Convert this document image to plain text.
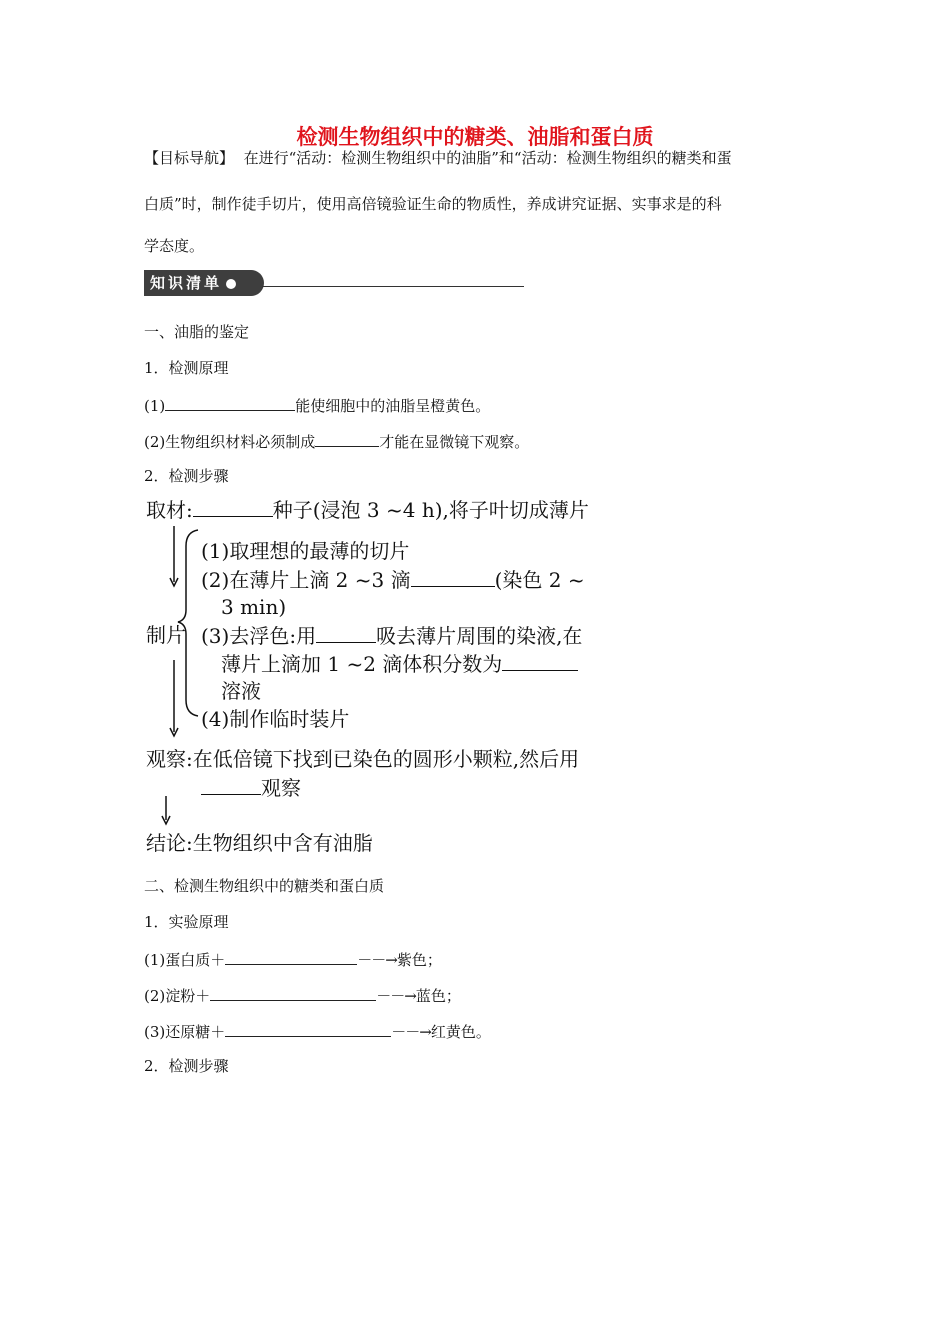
检测生物组织中的糖类、油脂和蛋白质
【目标导航】 在进行“活动：检测生物组织中的油脂”和“活动：检测生物组织的糖类和蛋
白质”时，制作徒手切片，使用高倍镜验证生命的物质性，养成讲究证据、实事求是的科
学态度。
知识清单
一、油脂的鉴定
1．检测原理
(1)	能使细胞中的油脂呈橙黄色。
(2)生物组织材料必须制成	才能在显微镜下观察。
2．检测步骤
取材:	种子(浸泡 3 ~4 h),将子叶切成薄片
(1)取理想的最薄的切片
(2)在薄片上滴 2 ~3 滴	(染色 2 ~
3 min)
制片 (3)去浮色:用	吸去薄片周围的染液,在
薄片上滴加 1 ~2 滴体积分数为
溶液
(4)制作临时装片
观察:在低倍镜下找到已染色的圆形小颗粒,然后用
观察
结论:生物组织中含有油脂
二、检测生物组织中的糖类和蛋白质
1．实验原理
(1)蛋白质＋	－－→紫色；
(2)淀粉＋	－－→蓝色；
(3)还原糖＋	－－→红黄色。
2．检测步骤
